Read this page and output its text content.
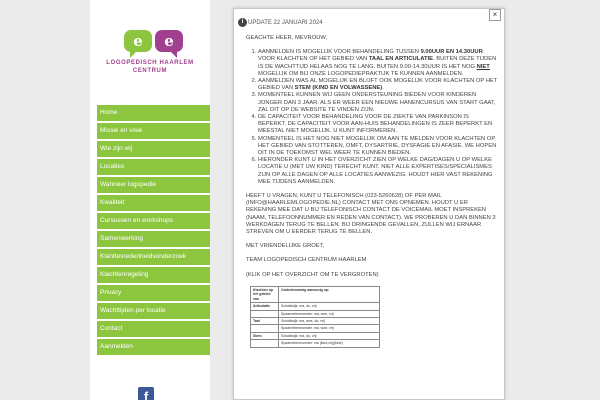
e	e
LOGOPEDISCH HAARLEM
CENTRUM
Home
Missie en visie
Wie zijn wij
Locaties
Wanneer logopedie
Kwaliteit
Cursussen en workshops
Samenwerking
Klanttevredenheidsonderzoek
Klachtenregeling
Privacy
Wachttijden per locatie
Contact
Aanmelden
f
×
i UPDATE 22 JANUARI 2024
GEACHTE HEER, MEVROUW,
1. AANMELDEN IS MOGELIJK VOOR BEHANDELING TUSSEN 9.00UUR EN 14.30UUR VOOR KLACHTEN OP HET GEBIED VAN TAAL EN ARTICULATIE. BUITEN DEZE TIJDEN IS DE WACHTTIJD HELAAS NOG TE LANG. BUITEN 9.00-14.30UUR IS HET NOG NIET MOGELIJK OM BIJ ONZE LOGOPEDIEPRAKTIJK TE KUNNEN AANMELDEN.
2. AANMELDEN WAS AL MOGELIJK EN BLIJFT OOK MOGELIJK VOOR KLACHTEN OP HET GEBIED VAN STEM (KIND EN VOLWASSENE).
3. MOMENTEEL KUNNEN WIJ GEEN ONDERSTEUNING BIEDEN VOOR KINDEREN JONGER DAN 3 JAAR. ALS ER WEER EEN NIEUWE HANENCURSUS VAN START GAAT, ZAL DIT OP DE WEBSITE TE VINDEN ZIJN.
4. DE CAPACITEIT VOOR BEHANDELING VOOR DE ZIEKTE VAN PARKINSON IS BEPERKT. DE CAPACITEIT VOOR AAN-HUIS BEHANDELINGEN IS ZEER BEPERKT EN MEESTAL NIET MOGELIJK. U KUNT INFORMEREN.
5. MOMENTEEL IS HET NOG NIET MOGELIJK OM AAN TE MELDEN VOOR KLACHTEN OP HET GEBIED VAN STOTTEREN, OMFT, DYSARTRIE, DYSFAGIE EN AFASIE. WE HOPEN DIT IN DE TOEKOMST WEL WEER TE KUNNEN BIEDEN.
6. HIERONDER KUNT U IN HET OVERZICHT ZIEN OP WELKE DAG/DAGEN U OP WELKE LOCATIE U (MET UW KIND) TERECHT KUNT. NIET ALLE EXPERTISES/SPECIALISMES ZIJN OP ALLE DAGEN OP ALLE LOCATIES AANWEZIG. HOUDT HIER VAST REKENING MEE TIJDENS AANMELDEN.
HEEFT U VRAGEN, KUNT U TELEFONISCH (023-5260628) OF PER MAIL (INFO@HAARLEMLOGOPEDIE.NL) CONTACT MET ONS OPNEMEN. HOUDT U ER REKENING MEE DAT U BIJ TELEFONISCH CONTACT DE VOICEMAIL MOET INSPREKEN (NAAM, TELEFOONNUMMER EN REDEN VAN CONTACT). WE PROBEREN U DAN BINNEN 3 WERKDAGEN TERUG TE BELLEN. BIJ DRINGENDE GEVALLEN, ZULLEN WIJ ERNAAR STREVEN OM U EERDER TERUG TE BELLEN.
MET VRIENDELIJKE GROET,
TEAM LOGOPEDISCH CENTRUM HAARLEM
(KLIK OP HET OVERZICHT OM TE VERGROTEN)
Klachten op het gebied van	Onderdrommig aanwezig op:
Articulatie	Schalkwijk: ma, do, vrij
	Spaarnebermonster: ma, woe, vrij
Taal	Schalkwijk: ma, woe, do, vrij
	Spaarnebermonster: ma, woe, vrij
Stem	Schalkwijk: ma, do, vrij
	Spaarnebermonster: ma (kind,vrij)(kind)
